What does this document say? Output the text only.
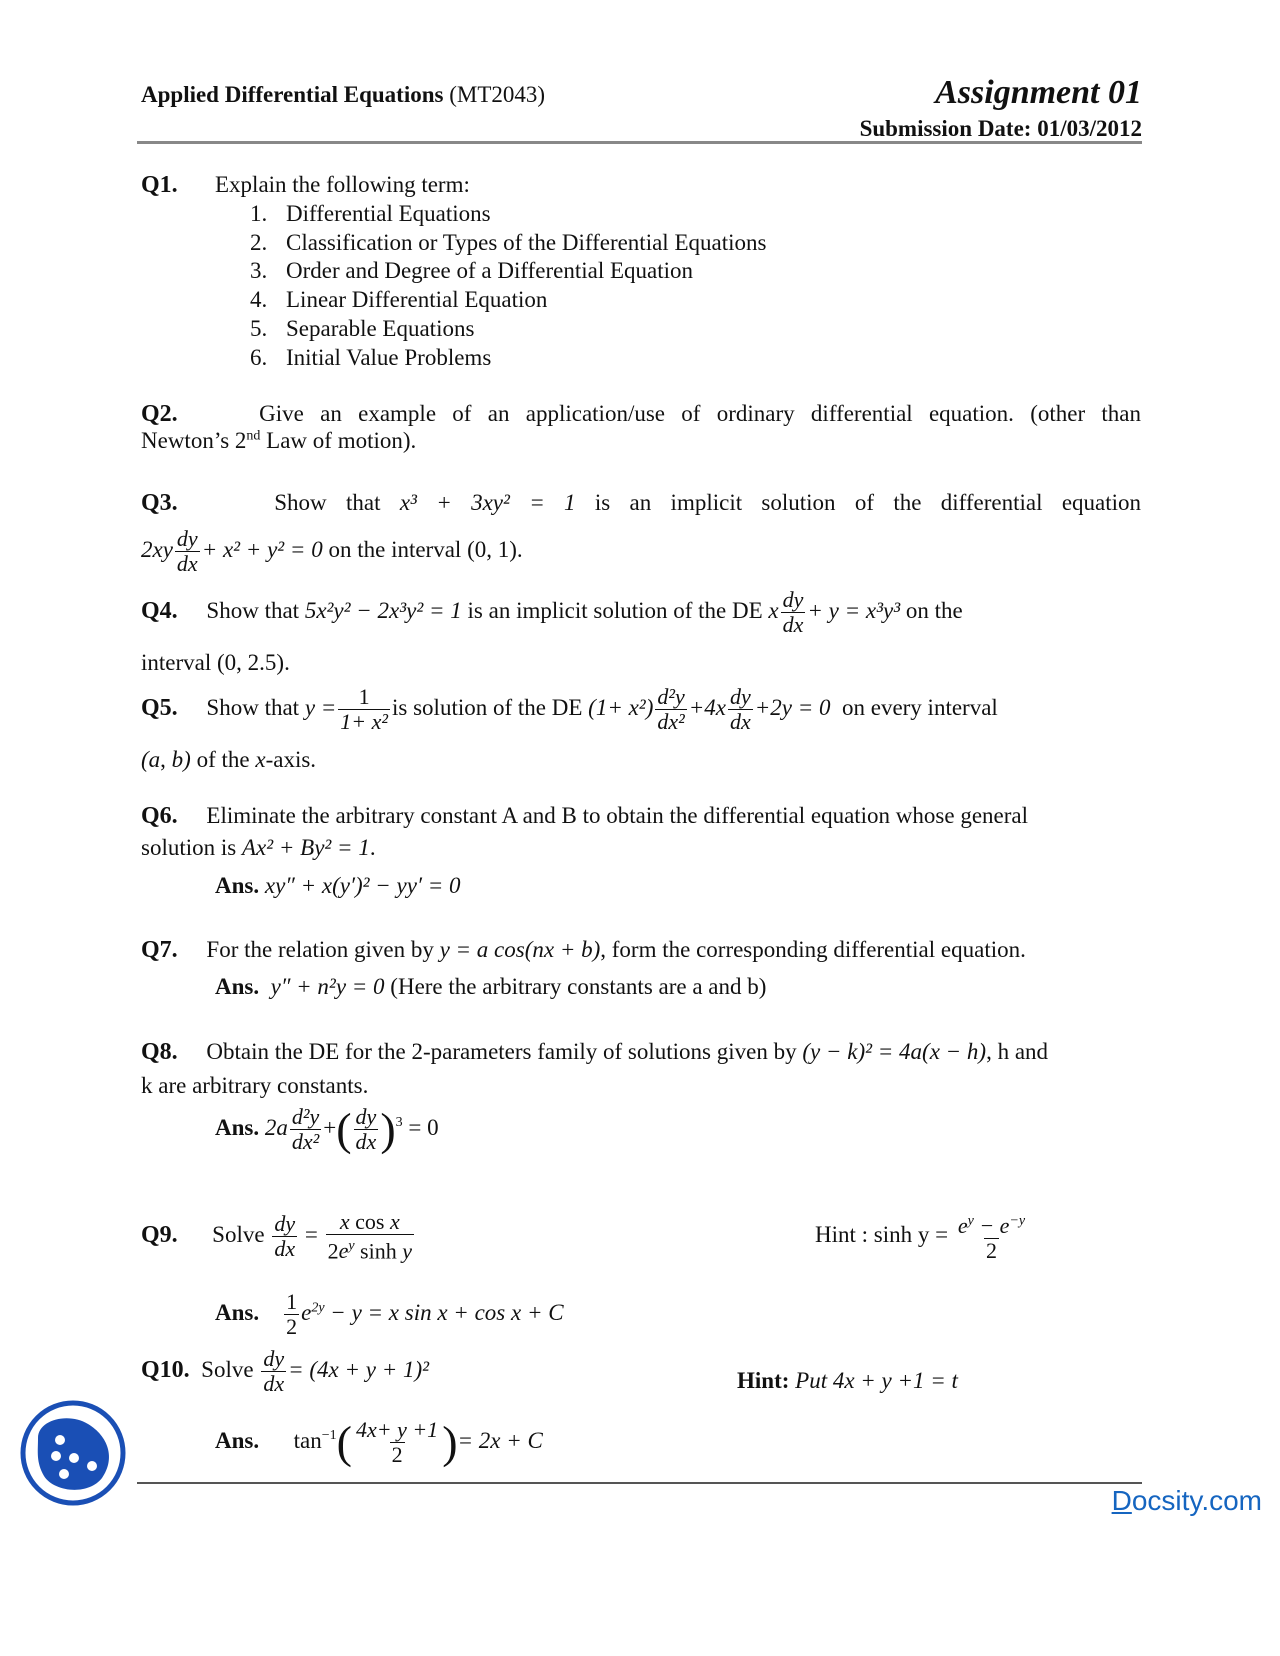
Applied Differential Equations (MT2043)	Assignment 01
Submission Date: 01/03/2012
Q1. Explain the following term:
1. Differential Equations
2. Classification or Types of the Differential Equations
3. Order and Degree of a Differential Equation
4. Linear Differential Equation
5. Separable Equations
6. Initial Value Problems
Q2.	Give an example of an application/use of ordinary differential equation. (other than
Newton’s 2nd Law of motion).
Q3.	Show that x³ + 3xy² = 1 is an implicit solution of the differential equation
$2xy \frac{dy}{dx} + x^2 + y^2 = 0$ on the interval (0, 1).
Q4. Show that 5x²y² − 2x³y² = 1 is an implicit solution of the DE x $\frac{dy}{dx} + y = x^3y^3$ on the
interval (0, 2.5).
Q5. Show that $y = \frac{1}{\text{1+ x²}}$ is solution of the DE $(1+ x^2) \frac{\text{d²y}}{\text{dx²}} +4x \frac{dy}{dx} +2y = 0$ on every interval
(a, b) of the x-axis.
Q6. Eliminate the arbitrary constant A and B to obtain the differential equation whose general
solution is Ax² + By² = 1.
Ans. xy″ + x(y′)² − yy′ = 0
Q7. For the relation given by y = a cos(nx + b), form the corresponding differential equation.
Ans. y″ + n²y = 0 (Here the arbitrary constants are a and b)
Q8. Obtain the DE for the 2-parameters family of solutions given by (y − k)² = 4a(x − h), h and
k are arbitrary constants.
Ans. $2a \frac{\text{d²y}}{\text{dx²}}$ +( $\frac{dy}{dx} )^3 = 0$
Q9. Solve $\frac{dy}{dx} = \frac{\text{x cos x}}{2e^y \sinh y}$	Hint : $\sinh y = \frac{e^y - e^{-y}}{2}$
Ans. $\frac{1}{2} e^{2y} - y = x$ sin x + cos x + C
Q10. Solve $\frac{dy}{dx} = (4x + y + 1)^2$	Hint: Put 4x + y +1 = t
Ans.      $\tan^{-1}( \frac{4x+ y +1}{2}$ )= 2x + C
Docsity.com
